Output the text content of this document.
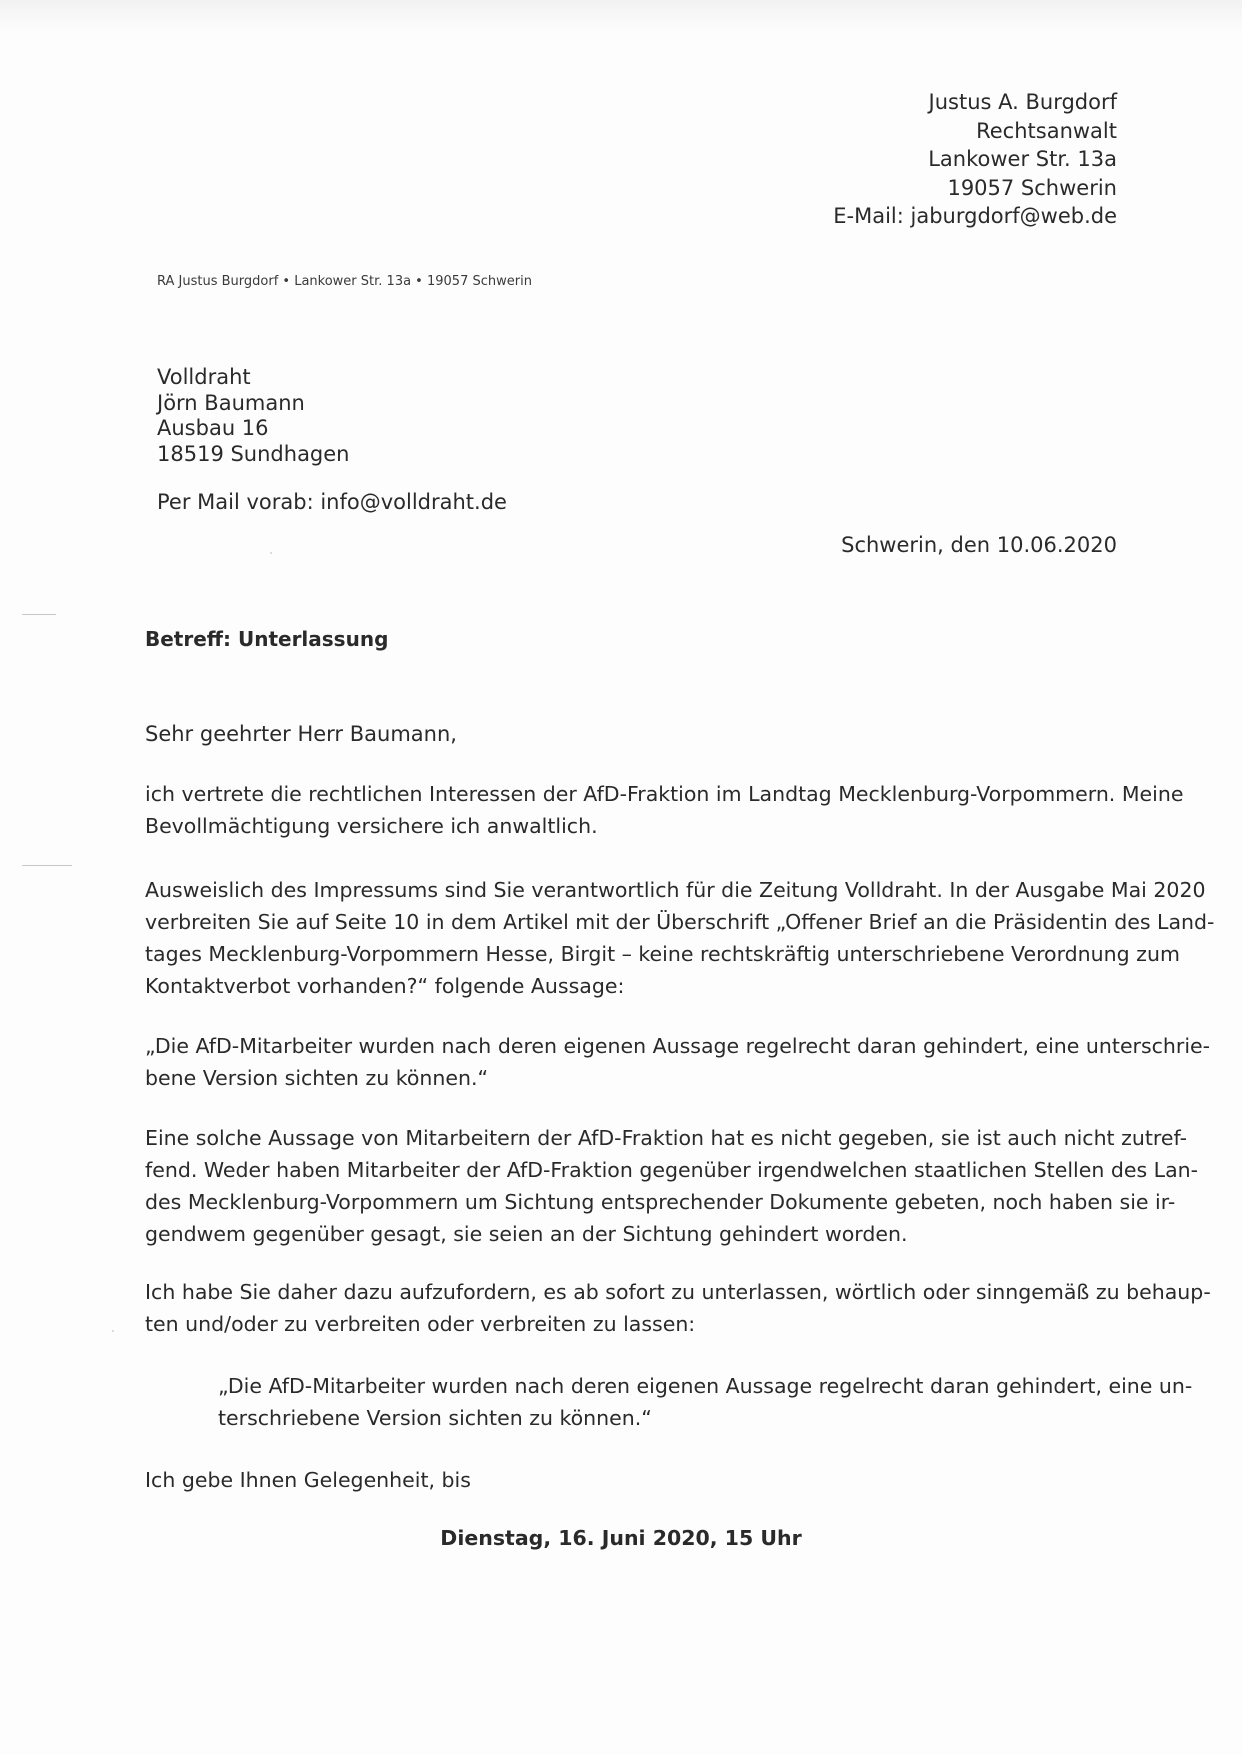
Justus A. Burgdorf
Rechtsanwalt
Lankower Str. 13a
19057 Schwerin
E-Mail: jaburgdorf@web.de
RA Justus Burgdorf • Lankower Str. 13a • 19057 Schwerin
Volldraht
Jörn Baumann
Ausbau 16
18519 Sundhagen
Per Mail vorab: info@volldraht.de
Schwerin, den 10.06.2020
Betreff: Unterlassung
Sehr geehrter Herr Baumann,
ich vertrete die rechtlichen Interessen der AfD-Fraktion im Landtag Mecklenburg-Vorpommern. Meine
Bevollmächtigung versichere ich anwaltlich.
Ausweislich des Impressums sind Sie verantwortlich für die Zeitung Volldraht. In der Ausgabe Mai 2020
verbreiten Sie auf Seite 10 in dem Artikel mit der Überschrift „Offener Brief an die Präsidentin des Land-
tages Mecklenburg-Vorpommern Hesse, Birgit – keine rechtskräftig unterschriebene Verordnung zum
Kontaktverbot vorhanden?“ folgende Aussage:
„Die AfD-Mitarbeiter wurden nach deren eigenen Aussage regelrecht daran gehindert, eine unterschrie-
bene Version sichten zu können.“
Eine solche Aussage von Mitarbeitern der AfD-Fraktion hat es nicht gegeben, sie ist auch nicht zutref-
fend. Weder haben Mitarbeiter der AfD-Fraktion gegenüber irgendwelchen staatlichen Stellen des Lan-
des Mecklenburg-Vorpommern um Sichtung entsprechender Dokumente gebeten, noch haben sie ir-
gendwem gegenüber gesagt, sie seien an der Sichtung gehindert worden.
Ich habe Sie daher dazu aufzufordern, es ab sofort zu unterlassen, wörtlich oder sinngemäß zu behaup-
ten und/oder zu verbreiten oder verbreiten zu lassen:
„Die AfD-Mitarbeiter wurden nach deren eigenen Aussage regelrecht daran gehindert, eine un-
terschriebene Version sichten zu können.“
Ich gebe Ihnen Gelegenheit, bis
Dienstag, 16. Juni 2020, 15 Uhr
